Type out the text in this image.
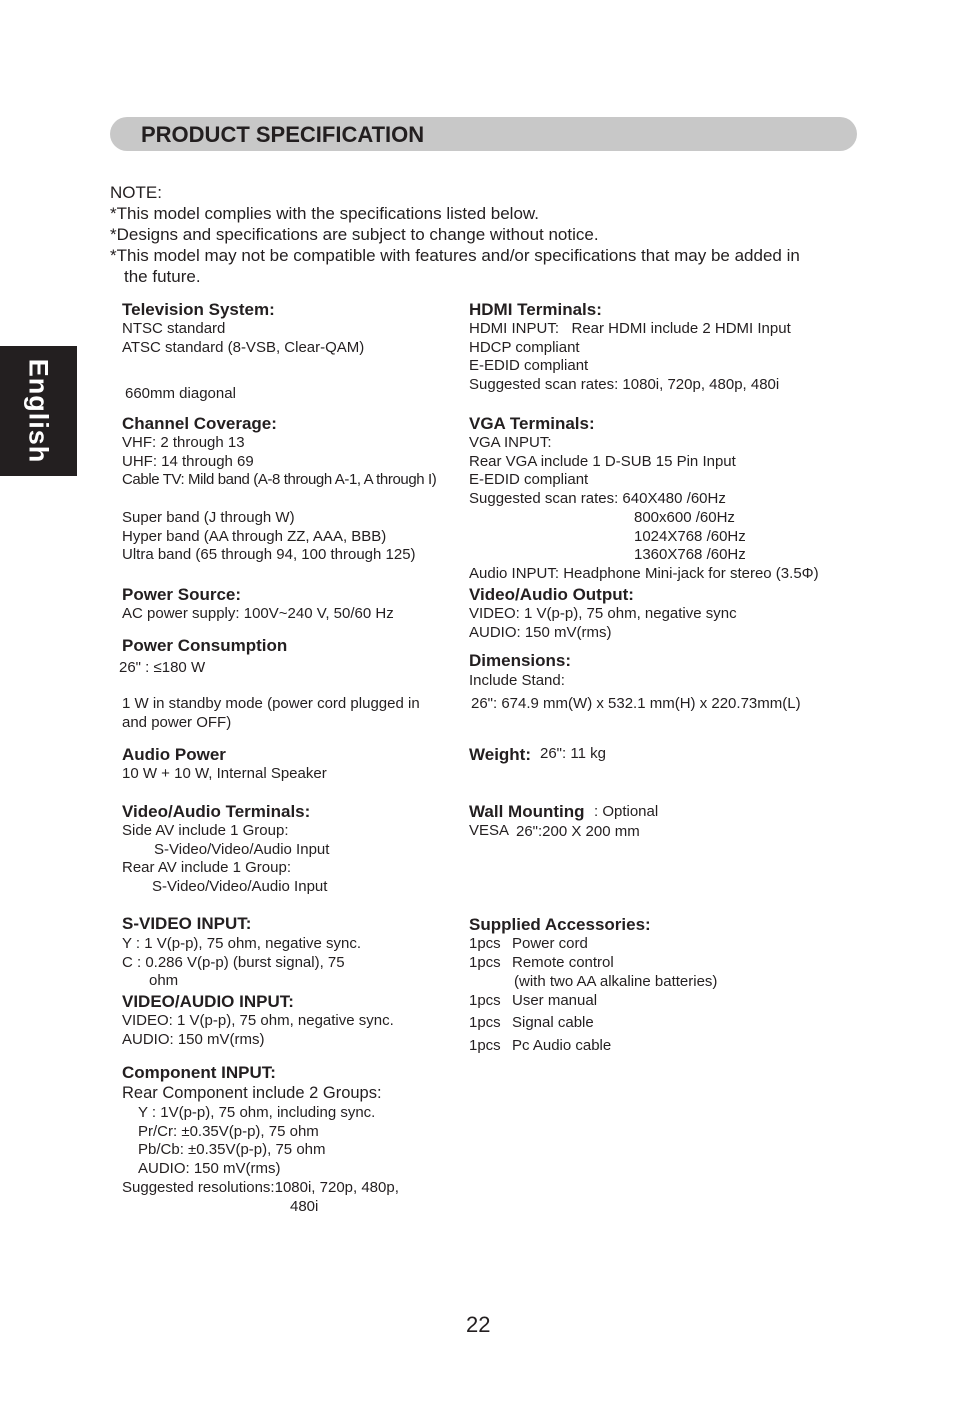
PRODUCT SPECIFICATION
English
NOTE:
*This model complies with the specifications listed below.
*Designs and specifications are subject to change without notice.
*This model may not be compatible with features and/or specifications that may be added in
the future.
Television System:
NTSC standard
ATSC standard (8-VSB, Clear-QAM)
660mm diagonal
Channel Coverage:
VHF: 2 through 13
UHF: 14 through 69
Cable TV: Mild band (A-8 through A-1, A through I)
Super band (J through W)
Hyper band (AA through ZZ, AAA, BBB)
Ultra band (65 through 94, 100 through 125)
Power Source:
AC power supply: 100V~240 V, 50/60 Hz
Power Consumption
26" : ≤180 W
1 W in standby mode (power cord plugged in
and power OFF)
Audio Power
10 W + 10 W, Internal Speaker
Video/Audio Terminals:
Side AV include 1 Group:
S-Video/Video/Audio Input
Rear AV include 1 Group:
S-Video/Video/Audio Input
S-VIDEO INPUT:
Y : 1 V(p-p), 75 ohm, negative sync.
C : 0.286 V(p-p) (burst signal), 75
ohm
VIDEO/AUDIO INPUT:
VIDEO: 1 V(p-p), 75 ohm, negative sync.
AUDIO: 150 mV(rms)
Component INPUT:
Rear Component include 2 Groups:
Y : 1V(p-p), 75 ohm, including sync.
Pr/Cr: ±0.35V(p-p), 75 ohm
Pb/Cb: ±0.35V(p-p), 75 ohm
AUDIO: 150 mV(rms)
Suggested resolutions:1080i, 720p, 480p,
480i
HDMI Terminals:
HDMI INPUT:   Rear HDMI include 2 HDMI Input
HDCP compliant
E-EDID compliant
Suggested scan rates: 1080i, 720p, 480p, 480i
VGA Terminals:
VGA INPUT:
Rear VGA include 1 D-SUB 15 Pin Input
E-EDID compliant
Suggested scan rates: 640X480 /60Hz
800x600 /60Hz
1024X768 /60Hz
1360X768 /60Hz
Audio INPUT: Headphone Mini-jack for stereo (3.5Φ)
Video/Audio Output:
VIDEO: 1 V(p-p), 75 ohm, negative sync
AUDIO: 150 mV(rms)
Dimensions:
Include Stand:
26": 674.9 mm(W) x 532.1 mm(H) x 220.73mm(L)
Weight: 26": 11 kg
Wall Mounting : Optional
VESA 26":200 X 200 mm
Supplied Accessories:
1pcs Power cord
1pcs Remote control
(with two AA alkaline batteries)
1pcs User manual
1pcs Signal cable
1pcs Pc Audio cable
22
